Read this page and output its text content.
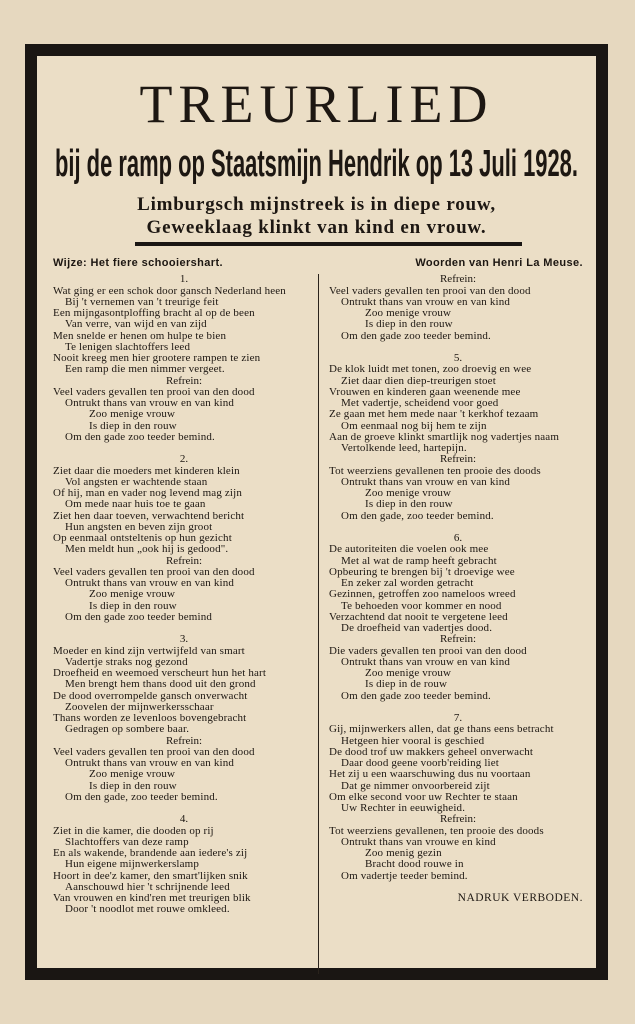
TREURLIED
bij de ramp op Staatsmijn Hendrik op 13 Juli 1928.
Limburgsch mijnstreek is in diepe rouw,
Geweeklaag klinkt van kind en vrouw.
Wijze: Het fiere schooiershart.
1.
Wat ging er een schok door gansch Nederland heen
Bij 't vernemen van 't treurige feit
Een mijngasontploffing bracht al op de been
Van verre, van wijd en van zijd
Men snelde er henen om hulpe te bien
Te lenigen slachtoffers leed
Nooit kreeg men hier grootere rampen te zien
Een ramp die men nimmer vergeet.
Refrein:
Veel vaders gevallen ten prooi van den dood
Ontrukt thans van vrouw en van kind
Zoo menige vrouw
Is diep in den rouw
Om den gade zoo teeder bemind.
2.
Ziet daar die moeders met kinderen klein
Vol angsten er wachtende staan
Of hij, man en vader nog levend mag zijn
Om mede naar huis toe te gaan
Ziet hen daar toeven, verwachtend bericht
Hun angsten en beven zijn groot
Op eenmaal ontsteltenis op hun gezicht
Men meldt hun „ook hij is gedood".
Refrein:
Veel vaders gevallen ten prooi van den dood
Ontrukt thans van vrouw en van kind
Zoo menige vrouw
Is diep in den rouw
Om den gade zoo teeder bemind
3.
Moeder en kind zijn vertwijfeld van smart
Vadertje straks nog gezond
Droefheid en weemoed verscheurt hun het hart
Men brengt hem thans dood uit den grond
De dood overrompelde gansch onverwacht
Zoovelen der mijnwerkersschaar
Thans worden ze levenloos bovengebracht
Gedragen op sombere baar.
Refrein:
Veel vaders gevallen ten prooi van den dood
Ontrukt thans van vrouw en van kind
Zoo menige vrouw
Is diep in den rouw
Om den gade, zoo teeder bemind.
4.
Ziet in die kamer, die dooden op rij
Slachtoffers van deze ramp
En als wakende, brandende aan iedere's zij
Hun eigene mijnwerkerslamp
Hoort in dee'z kamer, den smart'lijken snik
Aanschouwd hier 't schrijnende leed
Van vrouwen en kind'ren met treurigen blik
Door 't noodlot met rouwe omkleed.
Woorden van Henri La Meuse.
Refrein:
Veel vaders gevallen ten prooi van den dood
Ontrukt thans van vrouw en van kind
Zoo menige vrouw
Is diep in den rouw
Om den gade zoo teeder bemind.
5.
De klok luidt met tonen, zoo droevig en wee
Ziet daar dien diep-treurigen stoet
Vrouwen en kinderen gaan weenende mee
Met vadertje, scheidend voor goed
Ze gaan met hem mede naar 't kerkhof tezaam
Om eenmaal nog bij hem te zijn
Aan de groeve klinkt smartlijk nog vadertjes naam
Vertolkende leed, hartepijn.
Refrein:
Tot weerziens gevallenen ten prooie des doods
Ontrukt thans van vrouw en van kind
Zoo menige vrouw
Is diep in den rouw
Om den gade, zoo teeder bemind.
6.
De autoriteiten die voelen ook mee
Met al wat de ramp heeft gebracht
Opbeuring te brengen bij 't droevige wee
En zeker zal worden getracht
Gezinnen, getroffen zoo nameloos wreed
Te behoeden voor kommer en nood
Verzachtend dat nooit te vergetene leed
De droefheid van vadertjes dood.
Refrein:
Die vaders gevallen ten prooi van den dood
Ontrukt thans van vrouw en van kind
Zoo menige vrouw
Is diep in de rouw
Om den gade zoo teeder bemind.
7.
Gij, mijnwerkers allen, dat ge thans eens betracht
Hetgeen hier vooral is geschied
De dood trof uw makkers geheel onverwacht
Daar dood geene voorb'reiding liet
Het zij u een waarschuwing dus nu voortaan
Dat ge nimmer onvoorbereid zijt
Om elke second voor uw Rechter te staan
Uw Rechter in eeuwigheid.
Refrein:
Tot weerziens gevallenen, ten prooie des doods
Ontrukt thans van vrouwe en kind
Zoo menig gezin
Bracht dood rouwe in
Om vadertje teeder bemind.
NADRUK VERBODEN.
